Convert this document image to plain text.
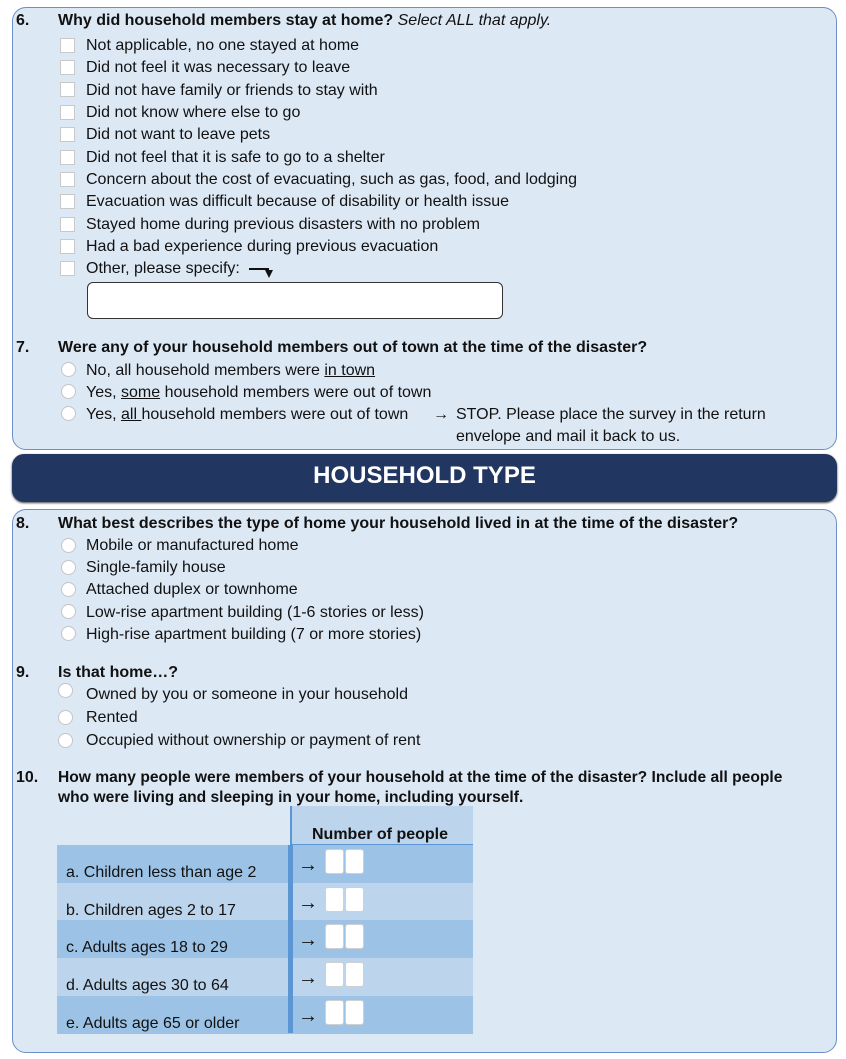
6. Why did household members stay at home? Select ALL that apply.
Not applicable, no one stayed at home
Did not feel it was necessary to leave
Did not have family or friends to stay with
Did not know where else to go
Did not want to leave pets
Did not feel that it is safe to go to a shelter
Concern about the cost of evacuating, such as gas, food, and lodging
Evacuation was difficult because of disability or health issue
Stayed home during previous disasters with no problem
Had a bad experience during previous evacuation
Other, please specify:
7. Were any of your household members out of town at the time of the disaster?
No, all household members were in town
Yes, some household members were out of town
Yes, all household members were out of town → STOP. Please place the survey in the return
envelope and mail it back to us.
HOUSEHOLD TYPE
8. What best describes the type of home your household lived in at the time of the disaster?
Mobile or manufactured home
Single-family house
Attached duplex or townhome
Low-rise apartment building (1-6 stories or less)
High-rise apartment building (7 or more stories)
9. Is that home…?
Owned by you or someone in your household
Rented
Occupied without ownership or payment of rent
10. How many people were members of your household at the time of the disaster? Include all people
who were living and sleeping in your home, including yourself.
Number of people
a. Children less than age 2 →
b. Children ages 2 to 17	→
c. Adults ages 18 to 29	→
d. Adults ages 30 to 64	→
e. Adults age 65 or older	→
